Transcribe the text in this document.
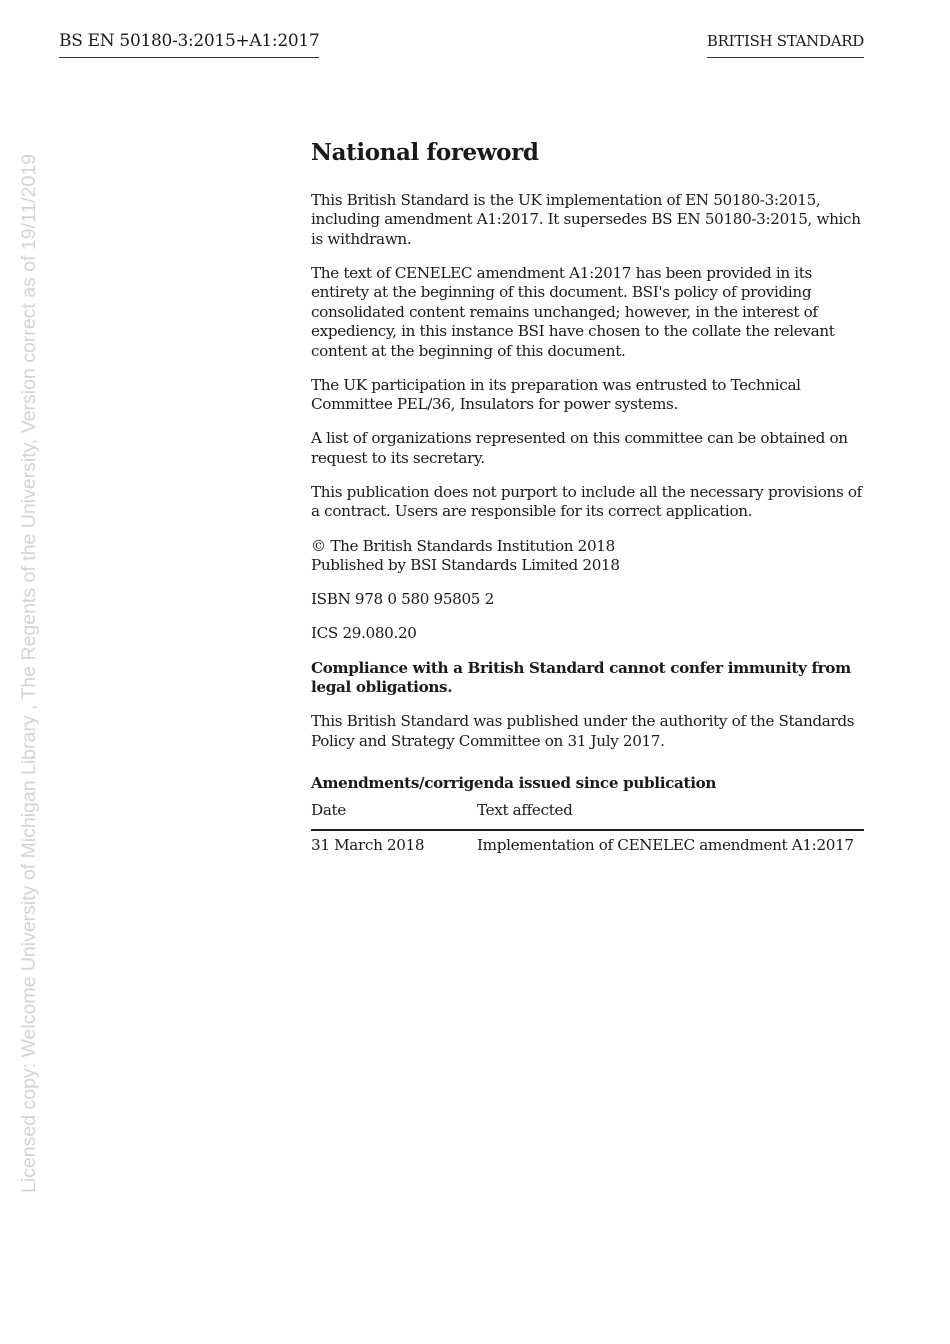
BS EN 50180-3:2015+A1:2017	BRITISH STANDARD
Licensed copy: Welcome University of Michigan Library , The Regents of the University, Version correct as of 19/11/2019
National foreword

This British Standard is the UK implementation of EN 50180-3:2015, including amendment A1:2017. It supersedes BS EN 50180-3:2015, which is withdrawn.

The text of CENELEC amendment A1:2017 has been provided in its entirety at the beginning of this document. BSI's policy of providing consolidated content remains unchanged; however, in the interest of expediency, in this instance BSI have chosen to the collate the relevant content at the beginning of this document.

The UK participation in its preparation was entrusted to Technical Committee PEL/36, Insulators for power systems.

A list of organizations represented on this committee can be obtained on request to its secretary.

This publication does not purport to include all the necessary provisions of a contract. Users are responsible for its correct application.

© The British Standards Institution 2018
Published by BSI Standards Limited 2018

ISBN 978 0 580 95805 2

ICS 29.080.20

Compliance with a British Standard cannot confer immunity from legal obligations.

This British Standard was published under the authority of the Standards Policy and Strategy Committee on 31 July 2017.

Amendments/corrigenda issued since publication
Date	Text affected
31 March 2018	Implementation of CENELEC amendment A1:2017
